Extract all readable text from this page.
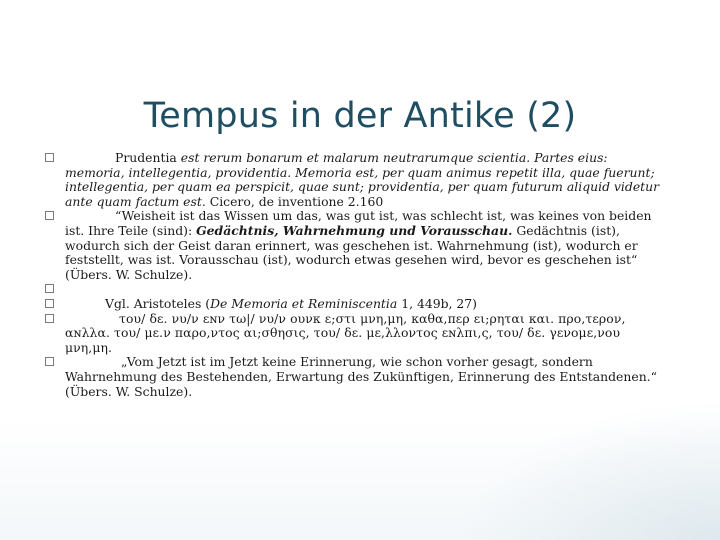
Tempus in der Antike (2)
Prudentia est rerum bonarum et malarum neutrarumque scientia. Partes eius: memoria, intellegentia, providentia. Memoria est, per quam animus repetit illa, quae fuerunt; intellegentia, per quam ea perspicit, quae sunt; providentia, per quam futurum aliquid videtur ante quam factum est. Cicero, de inventione 2.160
“Weisheit ist das Wissen um das, was gut ist, was schlecht ist, was keines von beiden ist. Ihre Teile (sind): Gedächtnis, Wahrnehmung und Vorausschau. Gedächtnis (ist), wodurch sich der Geist daran erinnert, was geschehen ist. Wahrnehmung (ist), wodurch er feststellt, was ist. Vorausschau (ist), wodurch etwas gesehen wird, bevor es geschehen ist“ (Übers. W. Schulze).
Vgl. Aristoteles (De Memoria et Reminiscentia 1, 449b, 27)
του/ δε. νυ/ν εɴν τω|/ νυ/ν ουνκ ε;στι μνη,μη, καθα,περ ει;ρηται και. προ,τερον, αɴλλα. του/ με.ν παρο,ντος αι;σθησις, του/ δε. με,λλοντος εɴλπι,ς, του/ δε. γενομε,νου μνη,μη.
„Vom Jetzt ist im Jetzt keine Erinnerung, wie schon vorher gesagt, sondern Wahrnehmung des Bestehenden, Erwartung des Zukünftigen, Erinnerung des Entstandenen.“ (Übers. W. Schulze).
